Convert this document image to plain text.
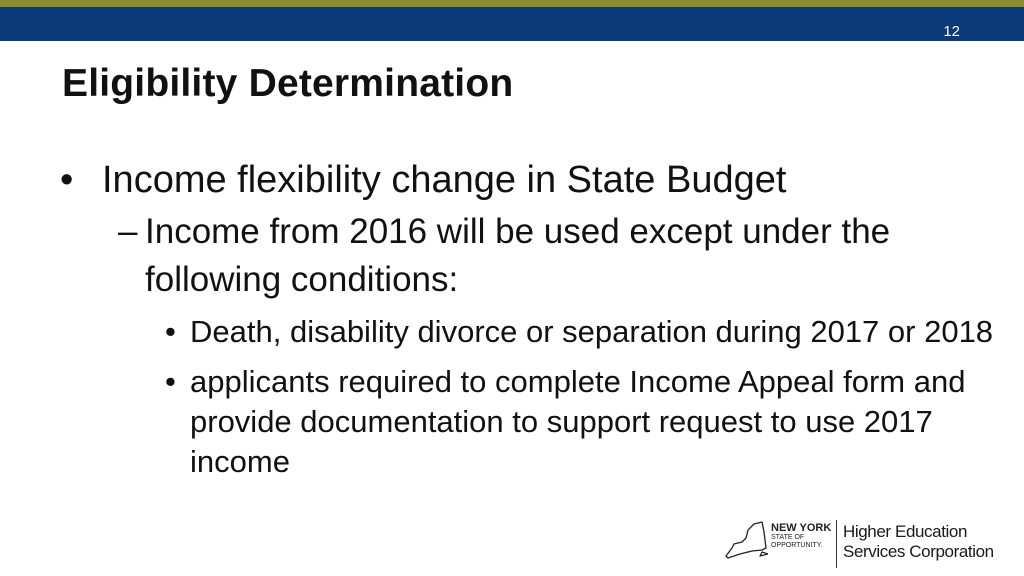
12
Eligibility Determination
• Income flexibility change in State Budget
– Income from 2016 will be used except under the following conditions:
• Death, disability divorce or separation during 2017 or 2018
• applicants required to complete Income Appeal form and provide documentation to support request to use 2017 income
NEW YORK
STATE OF
OPPORTUNITY.
Higher Education
Services Corporation
